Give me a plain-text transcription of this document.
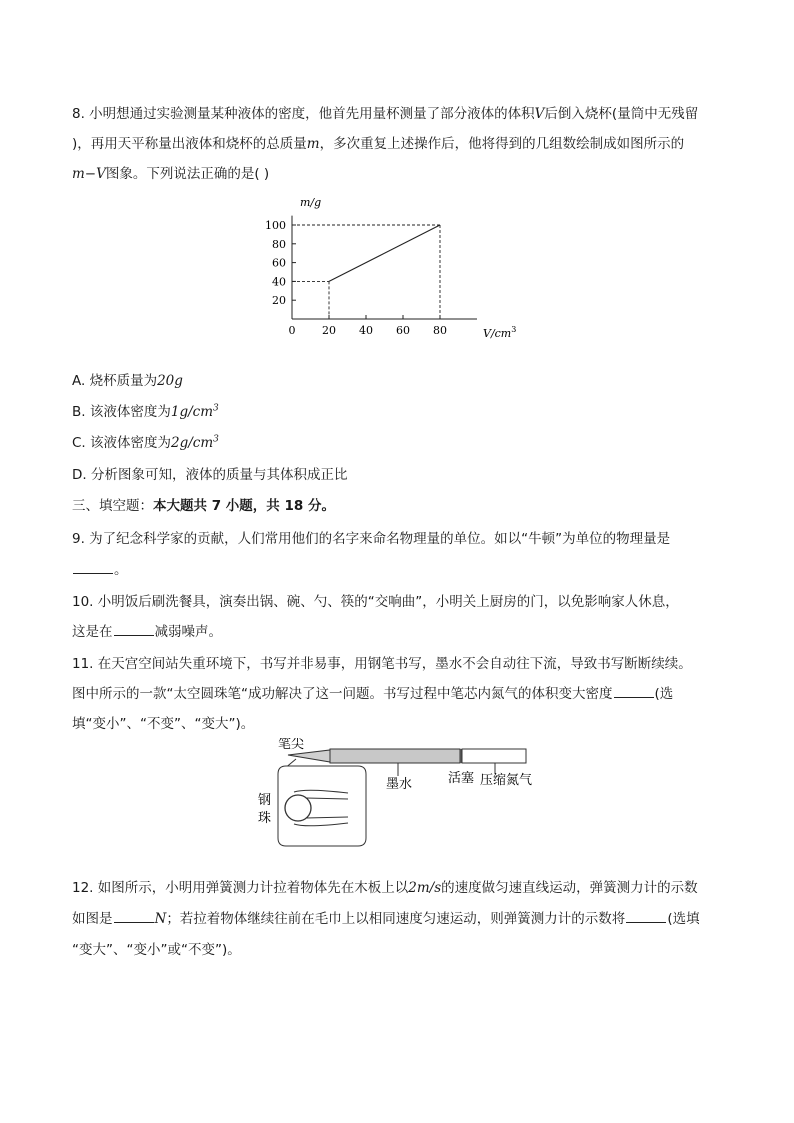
8. 小明想通过实验测量某种液体的密度，他首先用量杯测量了部分液体的体积V后倒入烧杯(量筒中无残留
)，再用天平称量出液体和烧杯的总质量m，多次重复上述操作后，他将得到的几组数绘制成如图所示的
m−V图象。下列说法正确的是( )
0 20 40 60 80
20
40
60
80
100
m/g
$V/cm^3$
A. 烧杯质量为20g
B. 该液体密度为$1g/cm^3$
C. 该液体密度为$2g/cm^3$
D. 分析图象可知，液体的质量与其体积成正比
三、填空题：本大题共 7 小题，共 18 分。
9. 为了纪念科学家的贡献，人们常用他们的名字来命名物理量的单位。如以“牛顿”为单位的物理量是
。
10. 小明饭后刷洗餐具，演奏出锅、碗、勺、筷的“交响曲”，小明关上厨房的门，以免影响家人休息，
这是在	减弱噪声。
11. 在天宫空间站失重环境下，书写并非易事，用钢笔书写，墨水不会自动往下流，导致书写断断续续。
图中所示的一款“太空圆珠笔“成功解决了这一问题。书写过程中笔芯内氮气的体积变大密度	(选
填“变小”、“不变”、“变大”)。
笔尖
墨水	活塞 压缩氮气
钢
珠
12. 如图所示，小明用弹簧测力计拉着物体先在木板上以2m/s的速度做匀速直线运动，弹簧测力计的示数
如图是	N；若拉着物体继续往前在毛巾上以相同速度匀速运动，则弹簧测力计的示数将	(选填
“变大”、“变小”或“不变”)。
